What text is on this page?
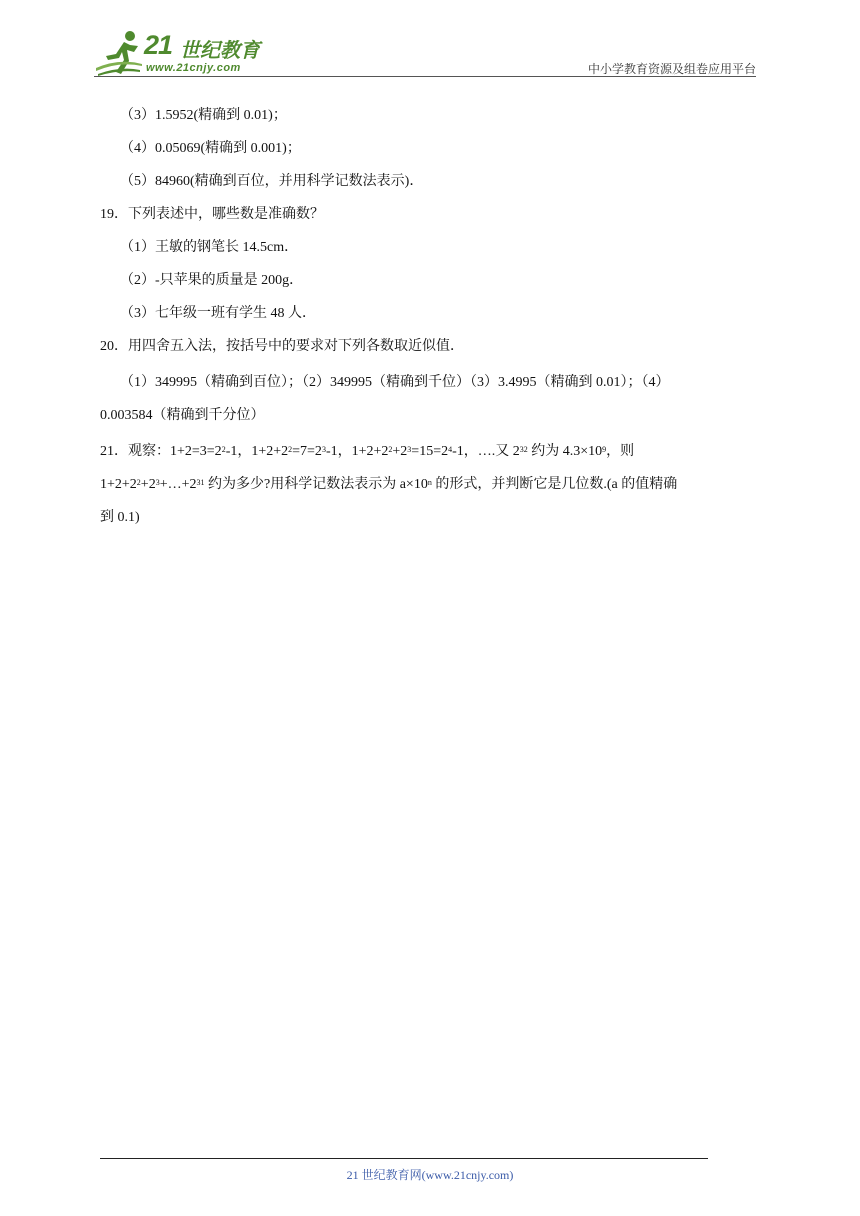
21 世纪教育
www.21cnjy.com	中小学教育资源及组卷应用平台
（3）1.5952(精确到 0.01)；
（4）0.05069(精确到 0.001)；
（5）84960(精确到百位，并用科学记数法表示)．
19．下列表述中，哪些数是准确数？
（1）王敏的钢笔长 14.5cm．
（2）-只苹果的质量是 200g．
（3）七年级一班有学生 48 人．
20．用四舍五入法，按括号中的要求对下列各数取近似值．
（1）349995（精确到百位）；（2）349995（精确到千位）（3）3.4995（精确到 0.01）；（4）
0.003584（精确到千分位）
21．观察：$1+2=3=2^2-1$，$1+2+2^2=7=2^3-1$，$1+2+2^2+2^3=15=2^4-1$，….又 $2^{32}$ 约为 $4.3\times 10^9$，则
$1+2+2^2+2^3+\dots+2^{31}$ 约为多少?用科学记数法表示为 $a\times 10^n$ 的形式，并判断它是几位数.(a 的值精确
到 0.1)
21 世纪教育网(www.21cnjy.com)
